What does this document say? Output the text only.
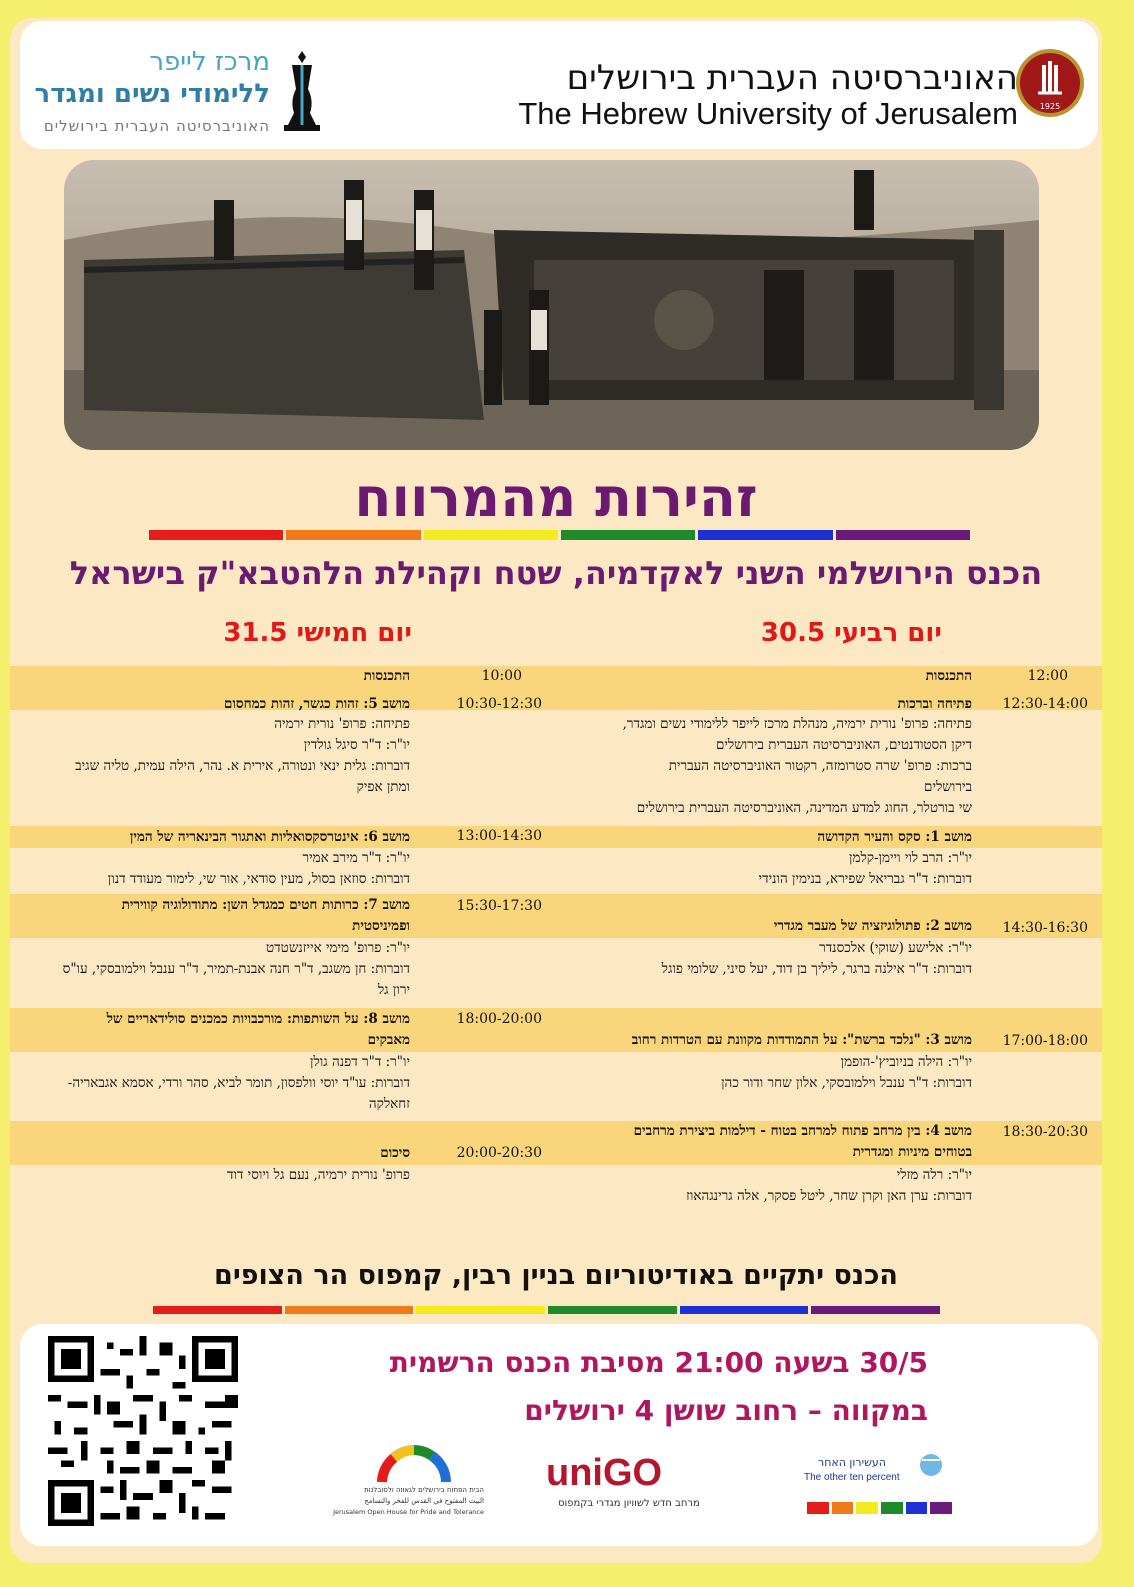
1925
האוניברסיטה העברית בירושלים
The Hebrew University of Jerusalem
מרכז לייפר
ללימודי נשים ומגדר
האוניברסיטה העברית בירושלים
זהירות מהמרווח
הכנס הירושלמי השני לאקדמיה, שטח וקהילת הלהטבא"ק בישראל
יום רביעי 30.5
יום חמישי 31.5
12:00
התכנסות
12:30-14:00
פתיחה וברכות
פתיחה: פרופ' נורית ירמיה, מנהלת מרכז לייפר ללימודי נשים ומגדר,
דיקן הסטודנטים, האוניברסיטה העברית בירושלים
ברכות: פרופ' שרה סטרומזה, רקטור האוניברסיטה העברית
בירושלים
שי בורטלר, החוג למדע המדינה, האוניברסיטה העברית בירושלים
מושב 1: סקס והעיר הקדושה
יו"ר: הרב לוי ויימן-קלמן
דוברות: ד"ר גבריאל שפירא, בנימין הונידי
14:30-16:30
מושב 2: פתולוגיזציה של מעבר מגדרי
יו"ר: אלישע (שוקי) אלכסנדר
דוברות: ד"ר אילנה ברגר, ליליך בן דוד, יעל סיני, שלומי פוגל
17:00-18:00
מושב 3: "נלכד ברשת": על התמודדות מקוונת עם הטרדות רחוב
יו"ר: הילה בניוביץ'-הופמן
דוברות: ד"ר ענבל וילמובסקי, אלון שחר ודור כהן
18:30-20:30
מושב 4: בין מרחב פתוח למרחב בטוח - דילמות ביצירת מרחבים
בטוחים מיניות ומגדרית
יו"ר: רלה מזלי
דוברות: ערן האן וקרן שחר, ליטל פסקר, אלה גרינגהאוז
10:00
התכנסות
10:30-12:30
מושב 5: זהות כגשר, זהות כמחסום
פתיחה: פרופ' נורית ירמיה
יו"ר: ד"ר סיגל גולדין
דוברות: גלית ינאי ונטורה, אירית א. נהר, הילה עמית, טליה שגיב
ומתן אפיק
13:00-14:30
מושב 6: אינטרסקסואליות ואתגור הבינאריה של המין
יו"ר: ד"ר מירב אמיר
דוברות: סוזאן בסול, מעין סודאי, אור שי, לימור מעודד דנון
15:30-17:30
מושב 7: כרותות חטים כמגדל השן: מתודולוגיה קווירית
ופמיניסטית
יו"ר: פרופ' מימי אייזנשטדט
דוברות: חן משגב, ד"ר חנה אבנת-תמיר, ד"ר ענבל וילמובסקי, עו"ס
ירון גל
18:00-20:00
מושב 8: על השותפות: מורכבויות כמכנים סולידאריים של
מאבקים
יו"ר: ד"ר דפנה גולן
דוברות: עו"ד יוסי וולפסון, תומר לביא, סהר ורדי, אסמא אגבאריה-
זחאלקה
20:00-20:30
סיכום
פרופ' נורית ירמיה, נעם גל ויוסי דוד
הכנס יתקיים באודיטוריום בניין רבין, קמפוס הר הצופים
30/5 בשעה 21:00 מסיבת הכנס הרשמית
במקווה – רחוב שושן 4 ירושלים
הבית הפתוח בירושלים לגאווה ולסובלנות
البيت المفتوح في القدس للفخر والتسامح
Jerusalem Open House for Pride and Tolerance
uniGO
מרחב חדש לשוויון מגדרי בקמפוס
העשירון האחר
The other ten percent
